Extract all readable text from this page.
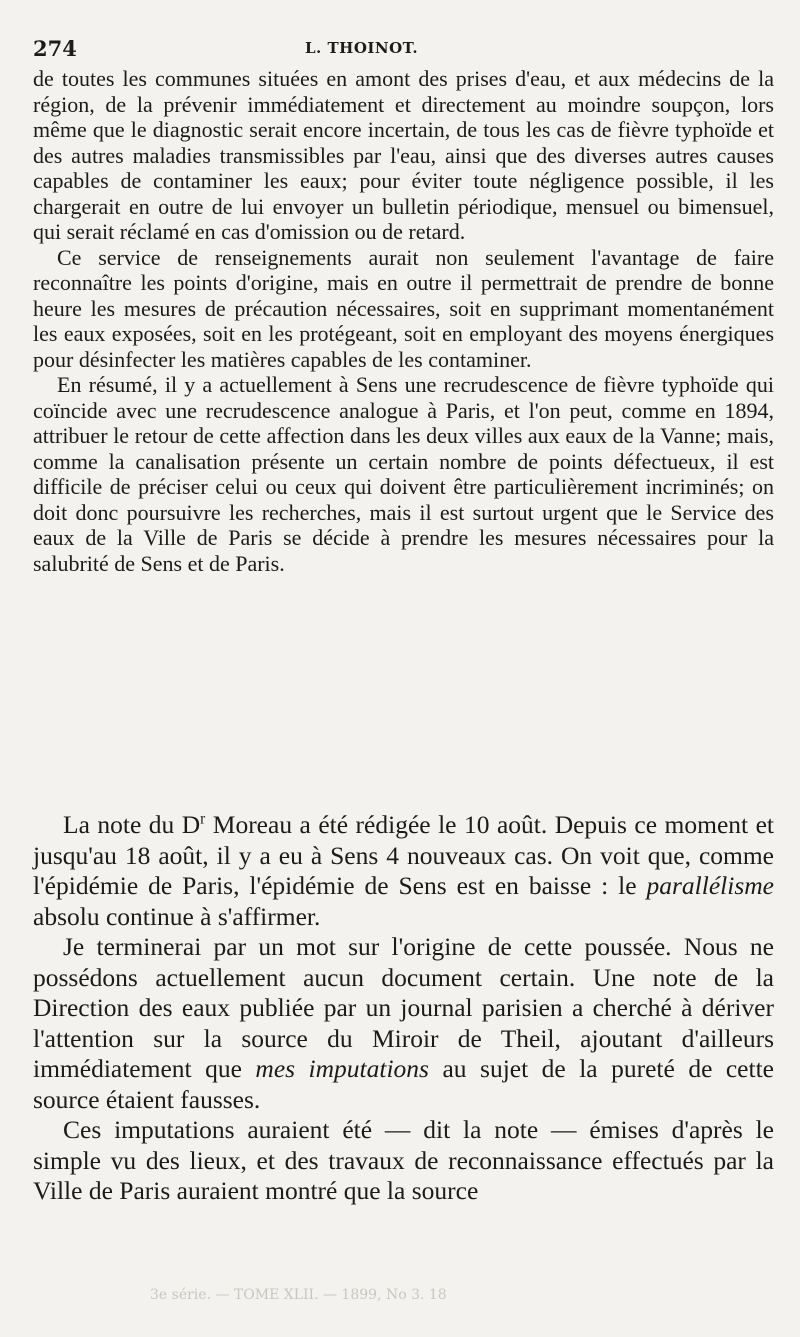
274	L. THOINOT.

de toutes les communes situées en amont des prises d'eau, et aux médecins de la région, de la prévenir immédiatement et directement au moindre soupçon, lors même que le diagnostic serait encore incertain, de tous les cas de fièvre typhoïde et des autres maladies transmissibles par l'eau, ainsi que des diverses autres causes capables de contaminer les eaux; pour éviter toute négligence possible, il les chargerait en outre de lui envoyer un bulletin périodique, mensuel ou bimensuel, qui serait réclamé en cas d'omission ou de retard.

Ce service de renseignements aurait non seulement l'avantage de faire reconnaître les points d'origine, mais en outre il permettrait de prendre de bonne heure les mesures de précaution nécessaires, soit en supprimant momentanément les eaux exposées, soit en les protégeant, soit en employant des moyens énergiques pour désinfecter les matières capables de les contaminer.

En résumé, il y a actuellement à Sens une recrudescence de fièvre typhoïde qui coïncide avec une recrudescence analogue à Paris, et l'on peut, comme en 1894, attribuer le retour de cette affection dans les deux villes aux eaux de la Vanne; mais, comme la canalisation présente un certain nombre de points défectueux, il est difficile de préciser celui ou ceux qui doivent être particulièrement incriminés; on doit donc poursuivre les recherches, mais il est surtout urgent que le Service des eaux de la Ville de Paris se décide à prendre les mesures nécessaires pour la salubrité de Sens et de Paris.

La note du $D^r$ Moreau a été rédigée le 10 août. Depuis ce moment et jusqu'au 18 août, il y a eu à Sens 4 nouveaux cas. On voit que, comme l'épidémie de Paris, l'épidémie de Sens est en baisse : le parallélisme absolu continue à s'affirmer.

Je terminerai par un mot sur l'origine de cette poussée. Nous ne possédons actuellement aucun document certain. Une note de la Direction des eaux publiée par un journal parisien a cherché à dériver l'attention sur la source du Miroir de Theil, ajoutant d'ailleurs immédiatement que mes imputations au sujet de la pureté de cette source étaient fausses.

Ces imputations auraient été — dit la note — émises d'après le simple vu des lieux, et des travaux de reconnaissance effectués par la Ville de Paris auraient montré que la source

3e série. — TOME XLII. — 1899, No 3. 18
